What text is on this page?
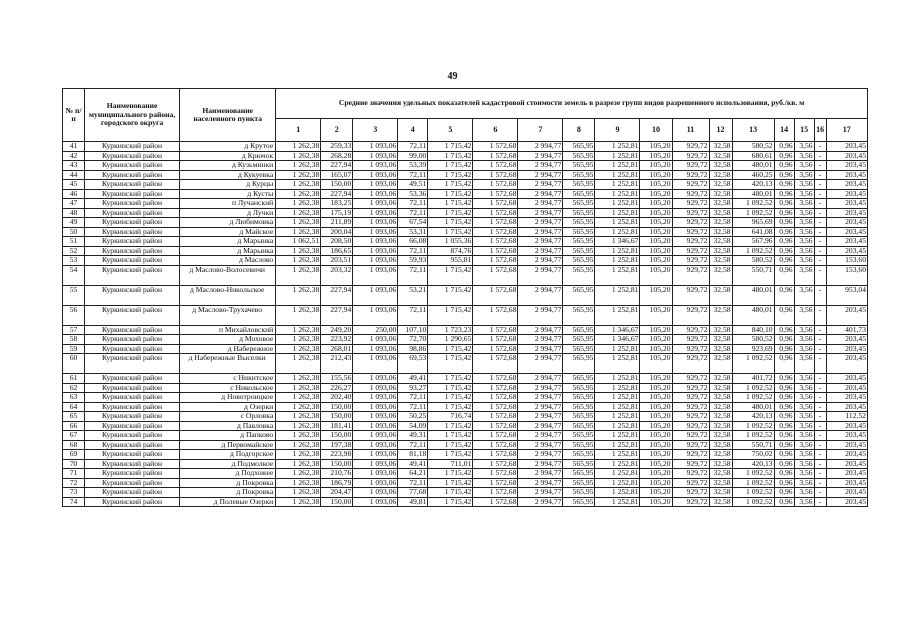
49
№ п/п	Наименование муниципального района, городского округа	Наименование населенного пункта	Средние значения удельных показателей кадастровой стоимости земель в разрезе групп видов разрешенного использования, руб./кв. м																
			1	2	3	4	5	6	7	8	9	10	11	12	13	14	15	16	17
41	Куркинский район	д Крутое	1 262,38	259,33	1 093,06	72,11	1 715,42	1 572,68	2 994,77	565,95	1 252,81	105,20	929,72	32,58	580,52	0,96	3,56	-	203,45
42	Куркинский район	д Крючок	1 262,38	268,28	1 093,06	99,00	1 715,42	1 572,68	2 994,77	565,95	1 252,81	105,20	929,72	32,58	680,61	0,96	3,56	-	203,45
43	Куркинский район	д Кузьминки	1 262,38	227,94	1 093,06	53,39	1 715,42	1 572,68	2 994,77	565,95	1 252,81	105,20	929,72	32,58	480,01	0,96	3,56	-	203,45
44	Куркинский район	д Кукуевка	1 262,38	165,07	1 093,06	72,11	1 715,42	1 572,68	2 994,77	565,95	1 252,81	105,20	929,72	32,58	460,25	0,96	3,56	-	203,45
45	Куркинский район	д Курцы	1 262,38	150,00	1 093,06	49,51	1 715,42	1 572,68	2 994,77	565,95	1 252,81	105,20	929,72	32,58	420,13	0,96	3,56	-	203,45
46	Куркинский район	д Кусты	1 262,38	227,94	1 093,06	53,36	1 715,42	1 572,68	2 994,77	565,95	1 252,81	105,20	929,72	32,58	480,01	0,96	3,56	-	203,45
47	Куркинский район	п Лучанский	1 262,38	183,25	1 093,06	72,11	1 715,42	1 572,68	2 994,77	565,95	1 252,81	105,20	929,72	32,58	1 092,52	0,96	3,56	-	203,45
48	Куркинский район	д Лучки	1 262,38	175,19	1 093,06	72,11	1 715,42	1 572,68	2 994,77	565,95	1 252,81	105,20	929,72	32,58	1 092,52	0,96	3,56	-	203,45
49	Куркинский район	д Любимовка	1 262,38	211,89	1 093,06	67,54	1 715,42	1 572,68	2 994,77	565,95	1 252,81	105,20	929,72	32,58	965,69	0,96	3,56	-	203,45
50	Куркинский район	д Майское	1 262,38	200,04	1 093,06	53,31	1 715,42	1 572,68	2 994,77	565,95	1 252,81	105,20	929,72	32,58	641,08	0,96	3,56	-	203,45
51	Куркинский район	д Марынка	1 062,51	208,50	1 093,06	66,08	1 055,36	1 572,68	2 994,77	565,95	1 346,67	105,20	929,72	32,58	567,96	0,96	3,56	-	203,45
52	Куркинский район	д Марынка	1 262,38	186,65	1 093,06	72,11	874,76	1 572,68	2 994,77	565,95	1 252,81	105,20	929,72	32,58	1 092,52	0,96	3,56	-	203,45
53	Куркинский район	д Маслово	1 262,38	203,51	1 093,06	59,93	955,81	1 572,68	2 994,77	565,95	1 252,81	105,20	929,72	32,58	580,52	0,96	3,56	-	153,60
54	Куркинский район	д Маслово-Волосевичи	1 262,38	203,32	1 093,06	72,11	1 715,42	1 572,68	2 994,77	565,95	1 252,81	105,20	929,72	32,58	550,71	0,96	3,56	-	153,60
55	Куркинский район	д Маслово-Никольское	1 262,38	227,94	1 093,06	53,21	1 715,42	1 572,68	2 994,77	565,95	1 252,81	105,20	929,72	32,58	480,01	0,96	3,56	-	953,04
56	Куркинский район	д Маслово-Трухачево	1 262,38	227,94	1 093,06	72,11	1 715,42	1 572,68	2 994,77	565,95	1 252,81	105,20	929,72	32,58	480,01	0,96	3,56	-	203,45
57	Куркинский район	п Михайловский	1 262,38	249,20	250,00	107,10	1 723,23	1 572,68	2 994,77	565,95	1 346,67	105,20	929,72	32,58	840,10	0,96	3,56	-	401,73
58	Куркинский район	д Моховое	1 262,38	223,92	1 093,06	72,70	1 290,65	1 572,68	2 994,77	565,95	1 346,67	105,20	929,72	32,58	580,52	0,96	3,56	-	203,45
59	Куркинский район	д Набережное	1 262,38	268,01	1 093,06	98,86	1 715,42	1 572,68	2 994,77	565,95	1 252,81	105,20	929,72	32,58	923,69	0,96	3,56	-	203,45
60	Куркинский район	д Набережные Выселки	1 262,38	212,43	1 093,06	69,53	1 715,42	1 572,68	2 994,77	565,95	1 252,81	105,20	929,72	32,58	1 092,52	0,96	3,56	-	203,45
61	Куркинский район	с Никитское	1 262,38	155,56	1 093,06	49,41	1 715,42	1 572,68	2 994,77	565,95	1 252,81	105,20	929,72	32,58	401,72	0,96	3,56	-	203,45
62	Куркинский район	с Никольское	1 262,38	226,27	1 093,06	93,27	1 715,42	1 572,68	2 994,77	565,95	1 252,81	105,20	929,72	32,58	1 092,52	0,96	3,56	-	203,45
63	Куркинский район	д Новотроицкое	1 262,38	202,40	1 093,06	72,11	1 715,42	1 572,68	2 994,77	565,95	1 252,81	105,20	929,72	32,58	1 092,52	0,96	3,56	-	203,45
64	Куркинский район	д Озерки	1 262,38	150,00	1 093,06	72,11	1 715,42	1 572,68	2 994,77	565,95	1 252,81	105,20	929,72	32,58	480,01	0,96	3,56	-	203,45
65	Куркинский район	с Орловка	1 262,38	150,00	1 093,06	50,25	716,74	1 572,68	2 994,77	565,95	1 252,81	105,20	929,72	32,58	420,13	0,96	3,56	-	112,52
66	Куркинский район	д Павловка	1 262,38	181,41	1 093,06	54,09	1 715,42	1 572,68	2 994,77	565,95	1 252,81	105,20	929,72	32,58	1 092,52	0,96	3,56	-	203,45
67	Куркинский район	д Папково	1 262,38	150,00	1 093,06	49,31	1 715,42	1 572,68	2 994,77	565,95	1 252,81	105,20	929,72	32,58	1 092,52	0,96	3,56	-	203,45
68	Куркинский район	д Первомайское	1 262,38	197,38	1 093,06	72,11	1 715,42	1 572,68	2 994,77	565,95	1 252,81	105,20	929,72	32,58	550,71	0,96	3,56	-	203,45
69	Куркинский район	д Подгорское	1 262,38	223,98	1 093,06	81,18	1 715,42	1 572,68	2 994,77	565,95	1 252,81	105,20	929,72	32,58	750,02	0,96	3,56	-	203,45
70	Куркинский район	д Подмолкое	1 262,38	150,00	1 093,06	49,41	711,01	1 572,68	2 994,77	565,95	1 252,81	105,20	929,72	32,58	420,13	0,96	3,56	-	203,45
71	Куркинский район	д Подхожее	1 262,38	210,76	1 093,06	64,21	1 715,42	1 572,68	2 994,77	565,95	1 252,81	105,20	929,72	32,58	1 092,52	0,96	3,56	-	203,45
72	Куркинский район	д Покровка	1 262,38	186,79	1 093,06	72,11	1 715,42	1 572,68	2 994,77	565,95	1 252,81	105,20	929,72	32,58	1 092,52	0,96	3,56	-	203,45
73	Куркинский район	д Покровка	1 262,38	204,47	1 093,06	77,68	1 715,42	1 572,68	2 994,77	565,95	1 252,81	105,20	929,72	32,58	1 092,52	0,96	3,56	-	203,45
74	Куркинский район	д Полевые Озерки	1 262,38	150,00	1 093,06	49,81	1 715,42	1 572,68	2 994,77	565,95	1 252,81	105,20	929,72	32,58	1 092,52	0,96	3,56	-	203,45
